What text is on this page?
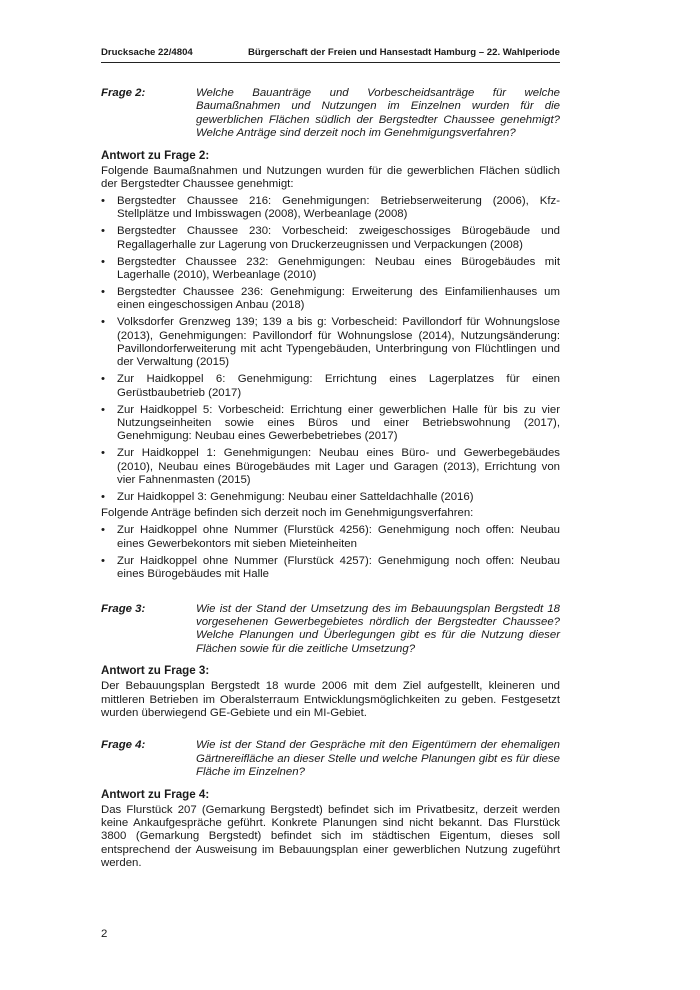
Drucksache 22/4804	Bürgerschaft der Freien und Hansestadt Hamburg – 22. Wahlperiode
Frage 2:	Welche Bauanträge und Vorbescheidsanträge für welche Baumaßnahmen und Nutzungen im Einzelnen wurden für die gewerblichen Flächen südlich der Bergstedter Chaussee genehmigt? Welche Anträge sind derzeit noch im Genehmigungsverfahren?
Antwort zu Frage 2:

Folgende Baumaßnahmen und Nutzungen wurden für die gewerblichen Flächen südlich der Bergstedter Chaussee genehmigt:

• Bergstedter Chaussee 216: Genehmigungen: Betriebserweiterung (2006), Kfz-Stellplätze und Imbisswagen (2008), Werbeanlage (2008)
• Bergstedter Chaussee 230: Vorbescheid: zweigeschossiges Bürogebäude und Regallagerhalle zur Lagerung von Druckerzeugnissen und Verpackungen (2008)
• Bergstedter Chaussee 232: Genehmigungen: Neubau eines Bürogebäudes mit Lagerhalle (2010), Werbeanlage (2010)
• Bergstedter Chaussee 236: Genehmigung: Erweiterung des Einfamilienhauses um einen eingeschossigen Anbau (2018)
• Volksdorfer Grenzweg 139; 139 a bis g: Vorbescheid: Pavillondorf für Wohnungslose (2013), Genehmigungen: Pavillondorf für Wohnungslose (2014), Nutzungsänderung: Pavillondorferweiterung mit acht Typengebäuden, Unterbringung von Flüchtlingen und der Verwaltung (2015)
• Zur Haidkoppel 6: Genehmigung: Errichtung eines Lagerplatzes für einen Gerüstbaubetrieb (2017)
• Zur Haidkoppel 5: Vorbescheid: Errichtung einer gewerblichen Halle für bis zu vier Nutzungseinheiten sowie eines Büros und einer Betriebswohnung (2017), Genehmigung: Neubau eines Gewerbebetriebes (2017)
• Zur Haidkoppel 1: Genehmigungen: Neubau eines Büro- und Gewerbegebäudes (2010), Neubau eines Bürogebäudes mit Lager und Garagen (2013), Errichtung von vier Fahnenmasten (2015)
• Zur Haidkoppel 3: Genehmigung: Neubau einer Satteldachhalle (2016)

Folgende Anträge befinden sich derzeit noch im Genehmigungsverfahren:

• Zur Haidkoppel ohne Nummer (Flurstück 4256): Genehmigung noch offen: Neubau eines Gewerbekontors mit sieben Mieteinheiten
• Zur Haidkoppel ohne Nummer (Flurstück 4257): Genehmigung noch offen: Neubau eines Bürogebäudes mit Halle
Frage 3:	Wie ist der Stand der Umsetzung des im Bebauungsplan Bergstedt 18 vorgesehenen Gewerbegebietes nördlich der Bergstedter Chaussee? Welche Planungen und Überlegungen gibt es für die Nutzung dieser Flächen sowie für die zeitliche Umsetzung?
Antwort zu Frage 3:

Der Bebauungsplan Bergstedt 18 wurde 2006 mit dem Ziel aufgestellt, kleineren und mittleren Betrieben im Oberalsterraum Entwicklungsmöglichkeiten zu geben. Festgesetzt wurden überwiegend GE-Gebiete und ein MI-Gebiet.

Frage 4:	Wie ist der Stand der Gespräche mit den Eigentümern der ehemaligen Gärtnereifläche an dieser Stelle und welche Planungen gibt es für diese Fläche im Einzelnen?
Antwort zu Frage 4:

Das Flurstück 207 (Gemarkung Bergstedt) befindet sich im Privatbesitz, derzeit werden keine Ankaufgespräche geführt. Konkrete Planungen sind nicht bekannt. Das Flurstück 3800 (Gemarkung Bergstedt) befindet sich im städtischen Eigentum, dieses soll entsprechend der Ausweisung im Bebauungsplan einer gewerblichen Nutzung zugeführt werden.

2
